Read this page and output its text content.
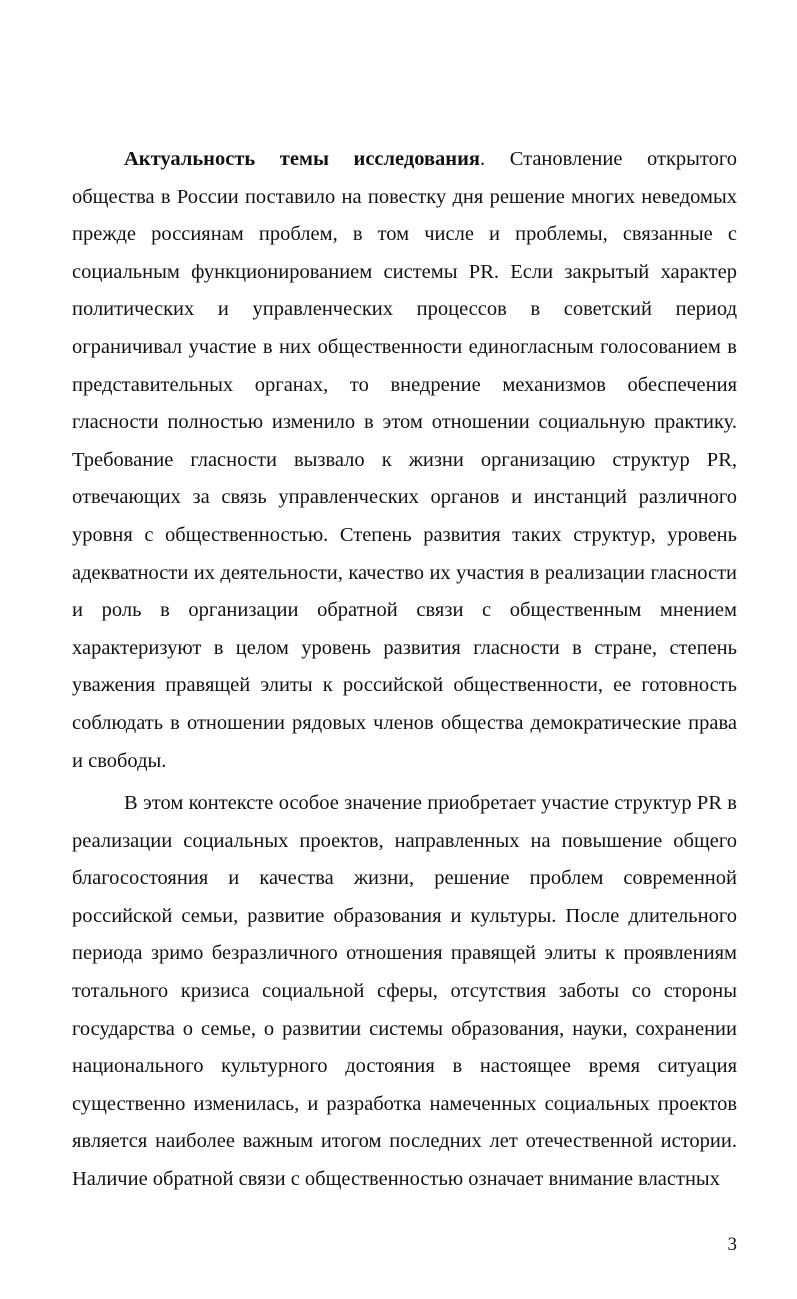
Актуальность темы исследования. Становление открытого общества в России поставило на повестку дня решение многих неведомых прежде россиянам проблем, в том числе и проблемы, связанные с социальным функционированием системы PR. Если закрытый характер политических и управленческих процессов в советский период ограничивал участие в них общественности единогласным голосованием в представительных органах, то внедрение механизмов обеспечения гласности полностью изменило в этом отношении социальную практику. Требование гласности вызвало к жизни организацию структур PR, отвечающих за связь управленческих органов и инстанций различного уровня с общественностью. Степень развития таких структур, уровень адекватности их деятельности, качество их участия в реализации гласности и роль в организации обратной связи с общественным мнением характеризуют в целом уровень развития гласности в стране, степень уважения правящей элиты к российской общественности, ее готовность соблюдать в отношении рядовых членов общества демократические права и свободы.

В этом контексте особое значение приобретает участие структур PR в реализации социальных проектов, направленных на повышение общего благосостояния и качества жизни, решение проблем современной российской семьи, развитие образования и культуры. После длительного периода зримо безразличного отношения правящей элиты к проявлениям тотального кризиса социальной сферы, отсутствия заботы со стороны государства о семье, о развитии системы образования, науки, сохранении национального культурного достояния в настоящее время ситуация существенно изменилась, и разработка намеченных социальных проектов является наиболее важным итогом последних лет отечественной истории. Наличие обратной связи с общественностью означает внимание властных

3
